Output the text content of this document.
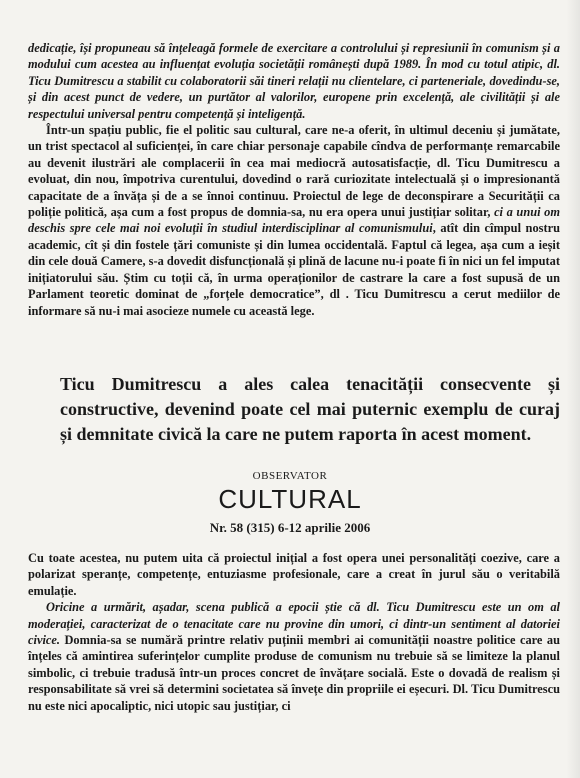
dedicație, își propuneau să înțeleagă formele de exercitare a controlului și represiunii în comunism și a modului cum acestea au influențat evoluția societății românești după 1989. În mod cu totul atipic, dl. Ticu Dumitrescu a stabilit cu colaboratorii săi tineri relații nu clientelare, ci parteneriale, dovedindu-se, și din acest punct de vedere, un purtător al valorilor, europene prin excelență, ale civilității și ale respectului universal pentru competență și inteligență.

Într-un spațiu public, fie el politic sau cultural, care ne-a oferit, în ultimul deceniu și jumătate, un trist spectacol al suficienței, în care chiar personaje capabile cîndva de performanțe remarcabile au devenit ilustrări ale complacerii în cea mai mediocră autosatisfacție, dl. Ticu Dumitrescu a evoluat, din nou, împotriva curentului, dovedind o rară curiozitate intelectuală și o impresionantă capacitate de a învăța și de a se înnoi continuu. Proiectul de lege de deconspirare a Securității ca poliție politică, așa cum a fost propus de domnia-sa, nu era opera unui justițiar solitar, ci a unui om deschis spre cele mai noi evoluții în studiul interdisciplinar al comunismului, atît din cîmpul nostru academic, cît și din fostele țări comuniste și din lumea occidentală. Faptul că legea, așa cum a ieșit din cele două Camere, s-a dovedit disfuncțională și plină de lacune nu-i poate fi în nici un fel imputat inițiatorului său. Știm cu toții că, în urma operaționilor de castrare la care a fost supusă de un Parlament teoretic dominat de „forțele democratice”, dl . Ticu Dumitrescu a cerut mediilor de informare să nu-i mai asocieze numele cu această lege.

Ticu Dumitrescu a ales calea tenacității consecvente și constructive, devenind poate cel mai puternic exemplu de curaj și demnitate civică la care ne putem raporta în acest moment.

OBSERVATOR
CULTURAL
Nr. 58 (315) 6-12 aprilie 2006

Cu toate acestea, nu putem uita că proiectul inițial a fost opera unei personalități coezive, care a polarizat speranțe, competențe, entuziasme profesionale, care a creat în jurul său o veritabilă emulație.

Oricine a urmărit, așadar, scena publică a epocii știe că dl. Ticu Dumitrescu este un om al moderației, caracterizat de o tenacitate care nu provine din umori, ci dintr-un sentiment al datoriei civice. Domnia-sa se numără printre relativ puținii membri ai comunității noastre politice care au înțeles că amintirea suferințelor cumplite produse de comunism nu trebuie să se limiteze la planul simbolic, ci trebuie tradusă într-un proces concret de învățare socială. Este o dovadă de realism și responsabilitate să vrei să determini societatea să învețe din propriile ei eșecuri. Dl. Ticu Dumitrescu nu este nici apocaliptic, nici utopic sau justițiar, ci
